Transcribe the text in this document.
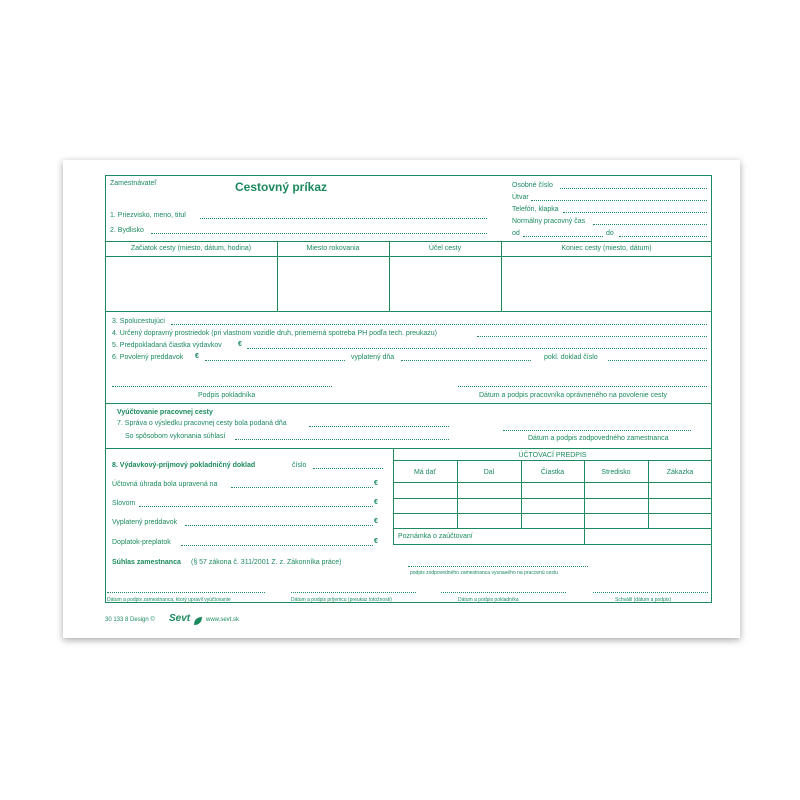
Zamestnávateľ	Cestovný príkaz	Osobné číslo
Útvar
Telefón, klapka
Normálny pracovný čas
od	do
1. Priezvisko, meno, titul
2. Bydlisko
Začiatok cesty (miesto, dátum, hodina)	Miesto rokovania	Účel cesty	Koniec cesty (miesto, dátum)
3. Spolucestujúci
4. Určený dopravný prostriedok (pri vlastnom vozidle druh, priemerná spotreba PH podľa tech. preukazu)
5. Predpokladaná čiastka výdavkov €
6. Povolený preddavok €	vyplatený dňa	pokl. doklad číslo
Podpis pokladníka	Dátum a podpis pracovníka oprávneného na povolenie cesty
Vyúčtovanie pracovnej cesty
7. Správa o výsledku pracovnej cesty bola podaná dňa
So spôsobom vykonania súhlasí	Dátum a podpis zodpovedného zamestnanca
8. Výdavkový-príjmový pokladničný doklad	číslo
Účtovná úhrada bola upravená na	€
Slovom	€
Vyplatený preddavok	€
Doplatok-preplatok	€
ÚČTOVACÍ PREDPIS
Má dať	Dal	Čiastka	Stredisko	Zákazka
Poznámka o zaúčtovaní
Súhlas zamestnanca (§ 57 zákona č. 311/2001 Z. z. Zákonníka práce)
podpis zodpovedného zamestnanca vysланého na pracovnú cestu
Dátum a podpis zamestnanca, ktorý upravil vyúčtovanie	Dátum a podpis príjemcu (preukaz totožnosti)	Dátum a podpis pokladníka	Schválil (dátum a podpis)
30 133 8 Design © Sevt	www.sevt.sk
